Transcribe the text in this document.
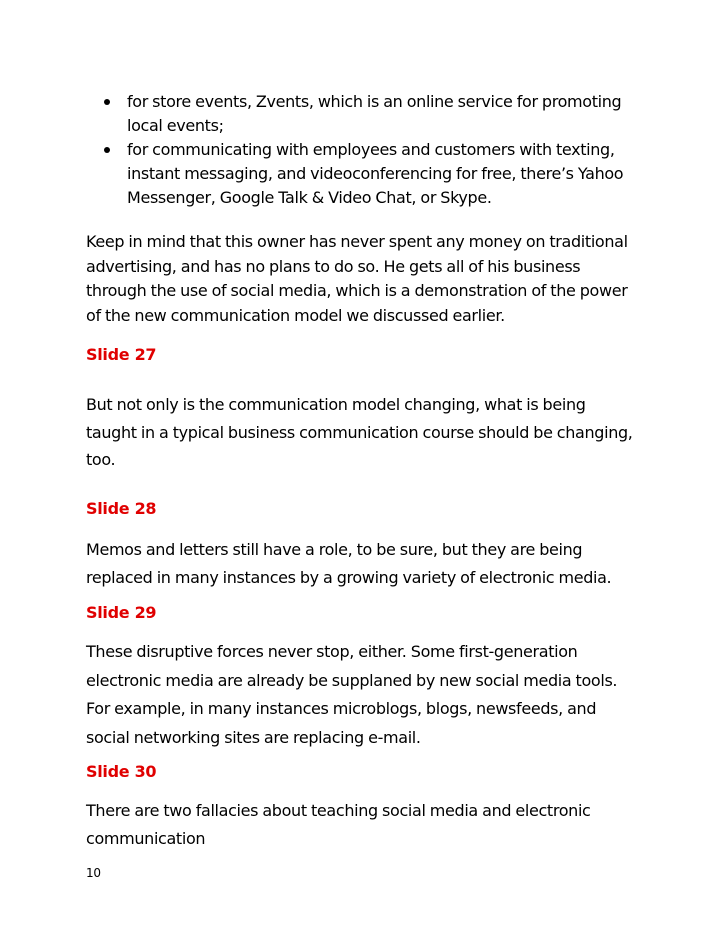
for store events, Zvents, which is an online service for promoting
local events;
for communicating with employees and customers with texting,
instant messaging, and videoconferencing for free, there’s Yahoo
Messenger, Google Talk & Video Chat, or Skype.
Keep in mind that this owner has never spent any money on traditional
advertising, and has no plans to do so. He gets all of his business
through the use of social media, which is a demonstration of the power
of the new communication model we discussed earlier.
Slide 27
But not only is the communication model changing, what is being
taught in a typical business communication course should be changing,
too.
Slide 28
Memos and letters still have a role, to be sure, but they are being
replaced in many instances by a growing variety of electronic media.
Slide 29
These disruptive forces never stop, either. Some first-generation
electronic media are already be supplaned by new social media tools.
For example, in many instances microblogs, blogs, newsfeeds, and
social networking sites are replacing e-mail.
Slide 30
There are two fallacies about teaching social media and electronic
communication
10
